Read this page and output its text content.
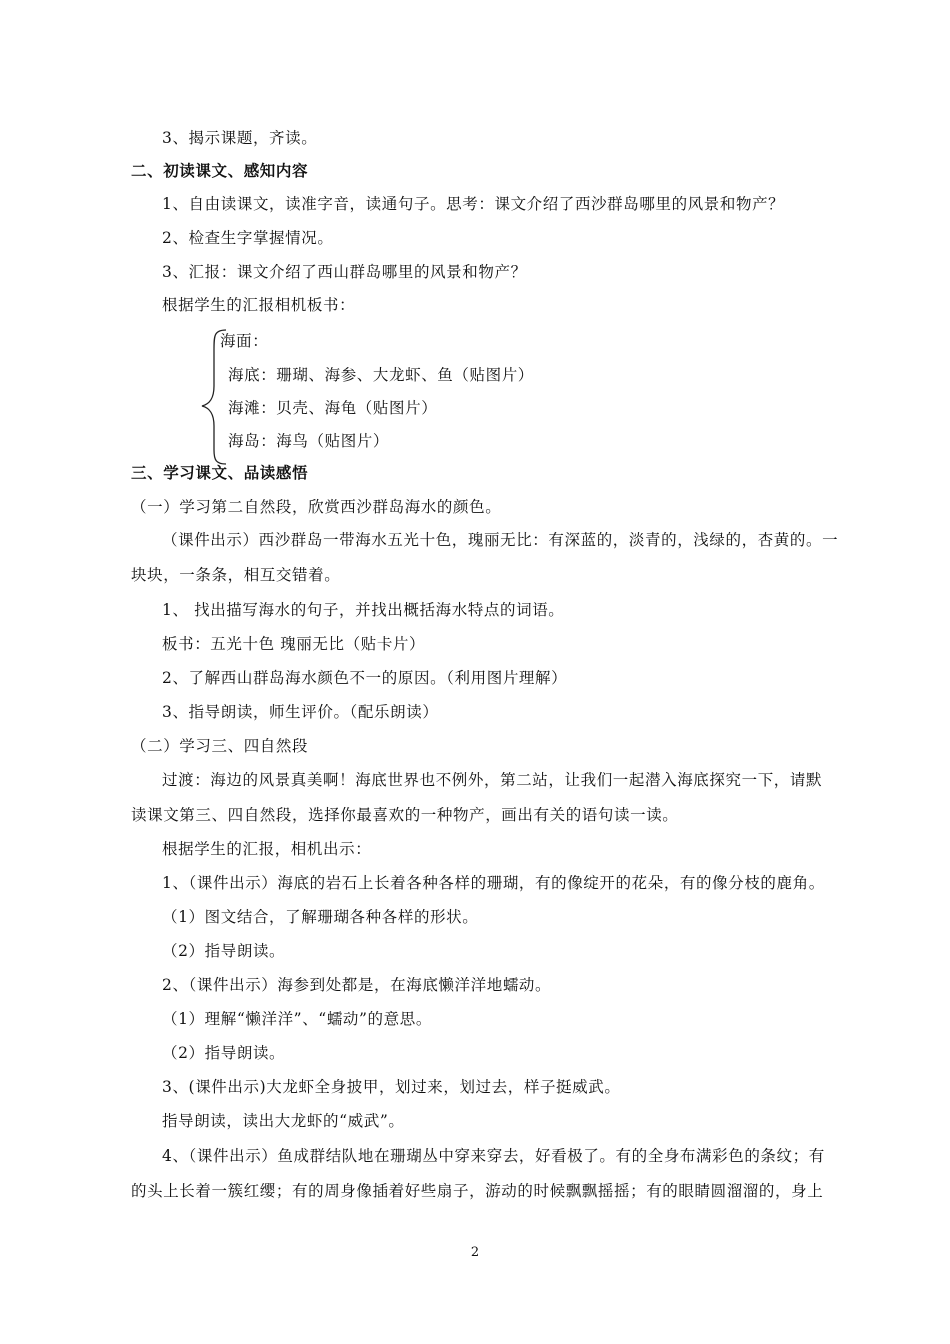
3、揭示课题，齐读。
二、初读课文、感知内容
1、自由读课文，读准字音，读通句子。思考：课文介绍了西沙群岛哪里的风景和物产？
2、检查生字掌握情况。
3、汇报：课文介绍了西山群岛哪里的风景和物产？
根据学生的汇报相机板书：
海面：
海底：珊瑚、海参、大龙虾、鱼（贴图片）
海滩：贝壳、海龟（贴图片）
海岛：海鸟（贴图片）
三、学习课文、品读感悟
（一）学习第二自然段，欣赏西沙群岛海水的颜色。
（课件出示）西沙群岛一带海水五光十色，瑰丽无比：有深蓝的，淡青的，浅绿的，杏黄的。一
块块，一条条，相互交错着。
1、 找出描写海水的句子，并找出概括海水特点的词语。
板书：五光十色 瑰丽无比（贴卡片）
2、了解西山群岛海水颜色不一的原因。（利用图片理解）
3、指导朗读，师生评价。（配乐朗读）
（二）学习三、四自然段
过渡：海边的风景真美啊！海底世界也不例外，第二站，让我们一起潜入海底探究一下，请默
读课文第三、四自然段，选择你最喜欢的一种物产，画出有关的语句读一读。
根据学生的汇报，相机出示：
1、（课件出示）海底的岩石上长着各种各样的珊瑚，有的像绽开的花朵，有的像分枝的鹿角。
（1）图文结合，了解珊瑚各种各样的形状。
（2）指导朗读。
2、（课件出示）海参到处都是，在海底懒洋洋地蠕动。
（1）理解“懒洋洋”、“蠕动”的意思。
（2）指导朗读。
3、(课件出示)大龙虾全身披甲，划过来，划过去，样子挺威武。
指导朗读，读出大龙虾的“威武”。
4、（课件出示）鱼成群结队地在珊瑚丛中穿来穿去，好看极了。有的全身布满彩色的条纹；有
的头上长着一簇红缨；有的周身像插着好些扇子，游动的时候飘飘摇摇；有的眼睛圆溜溜的，身上
2
